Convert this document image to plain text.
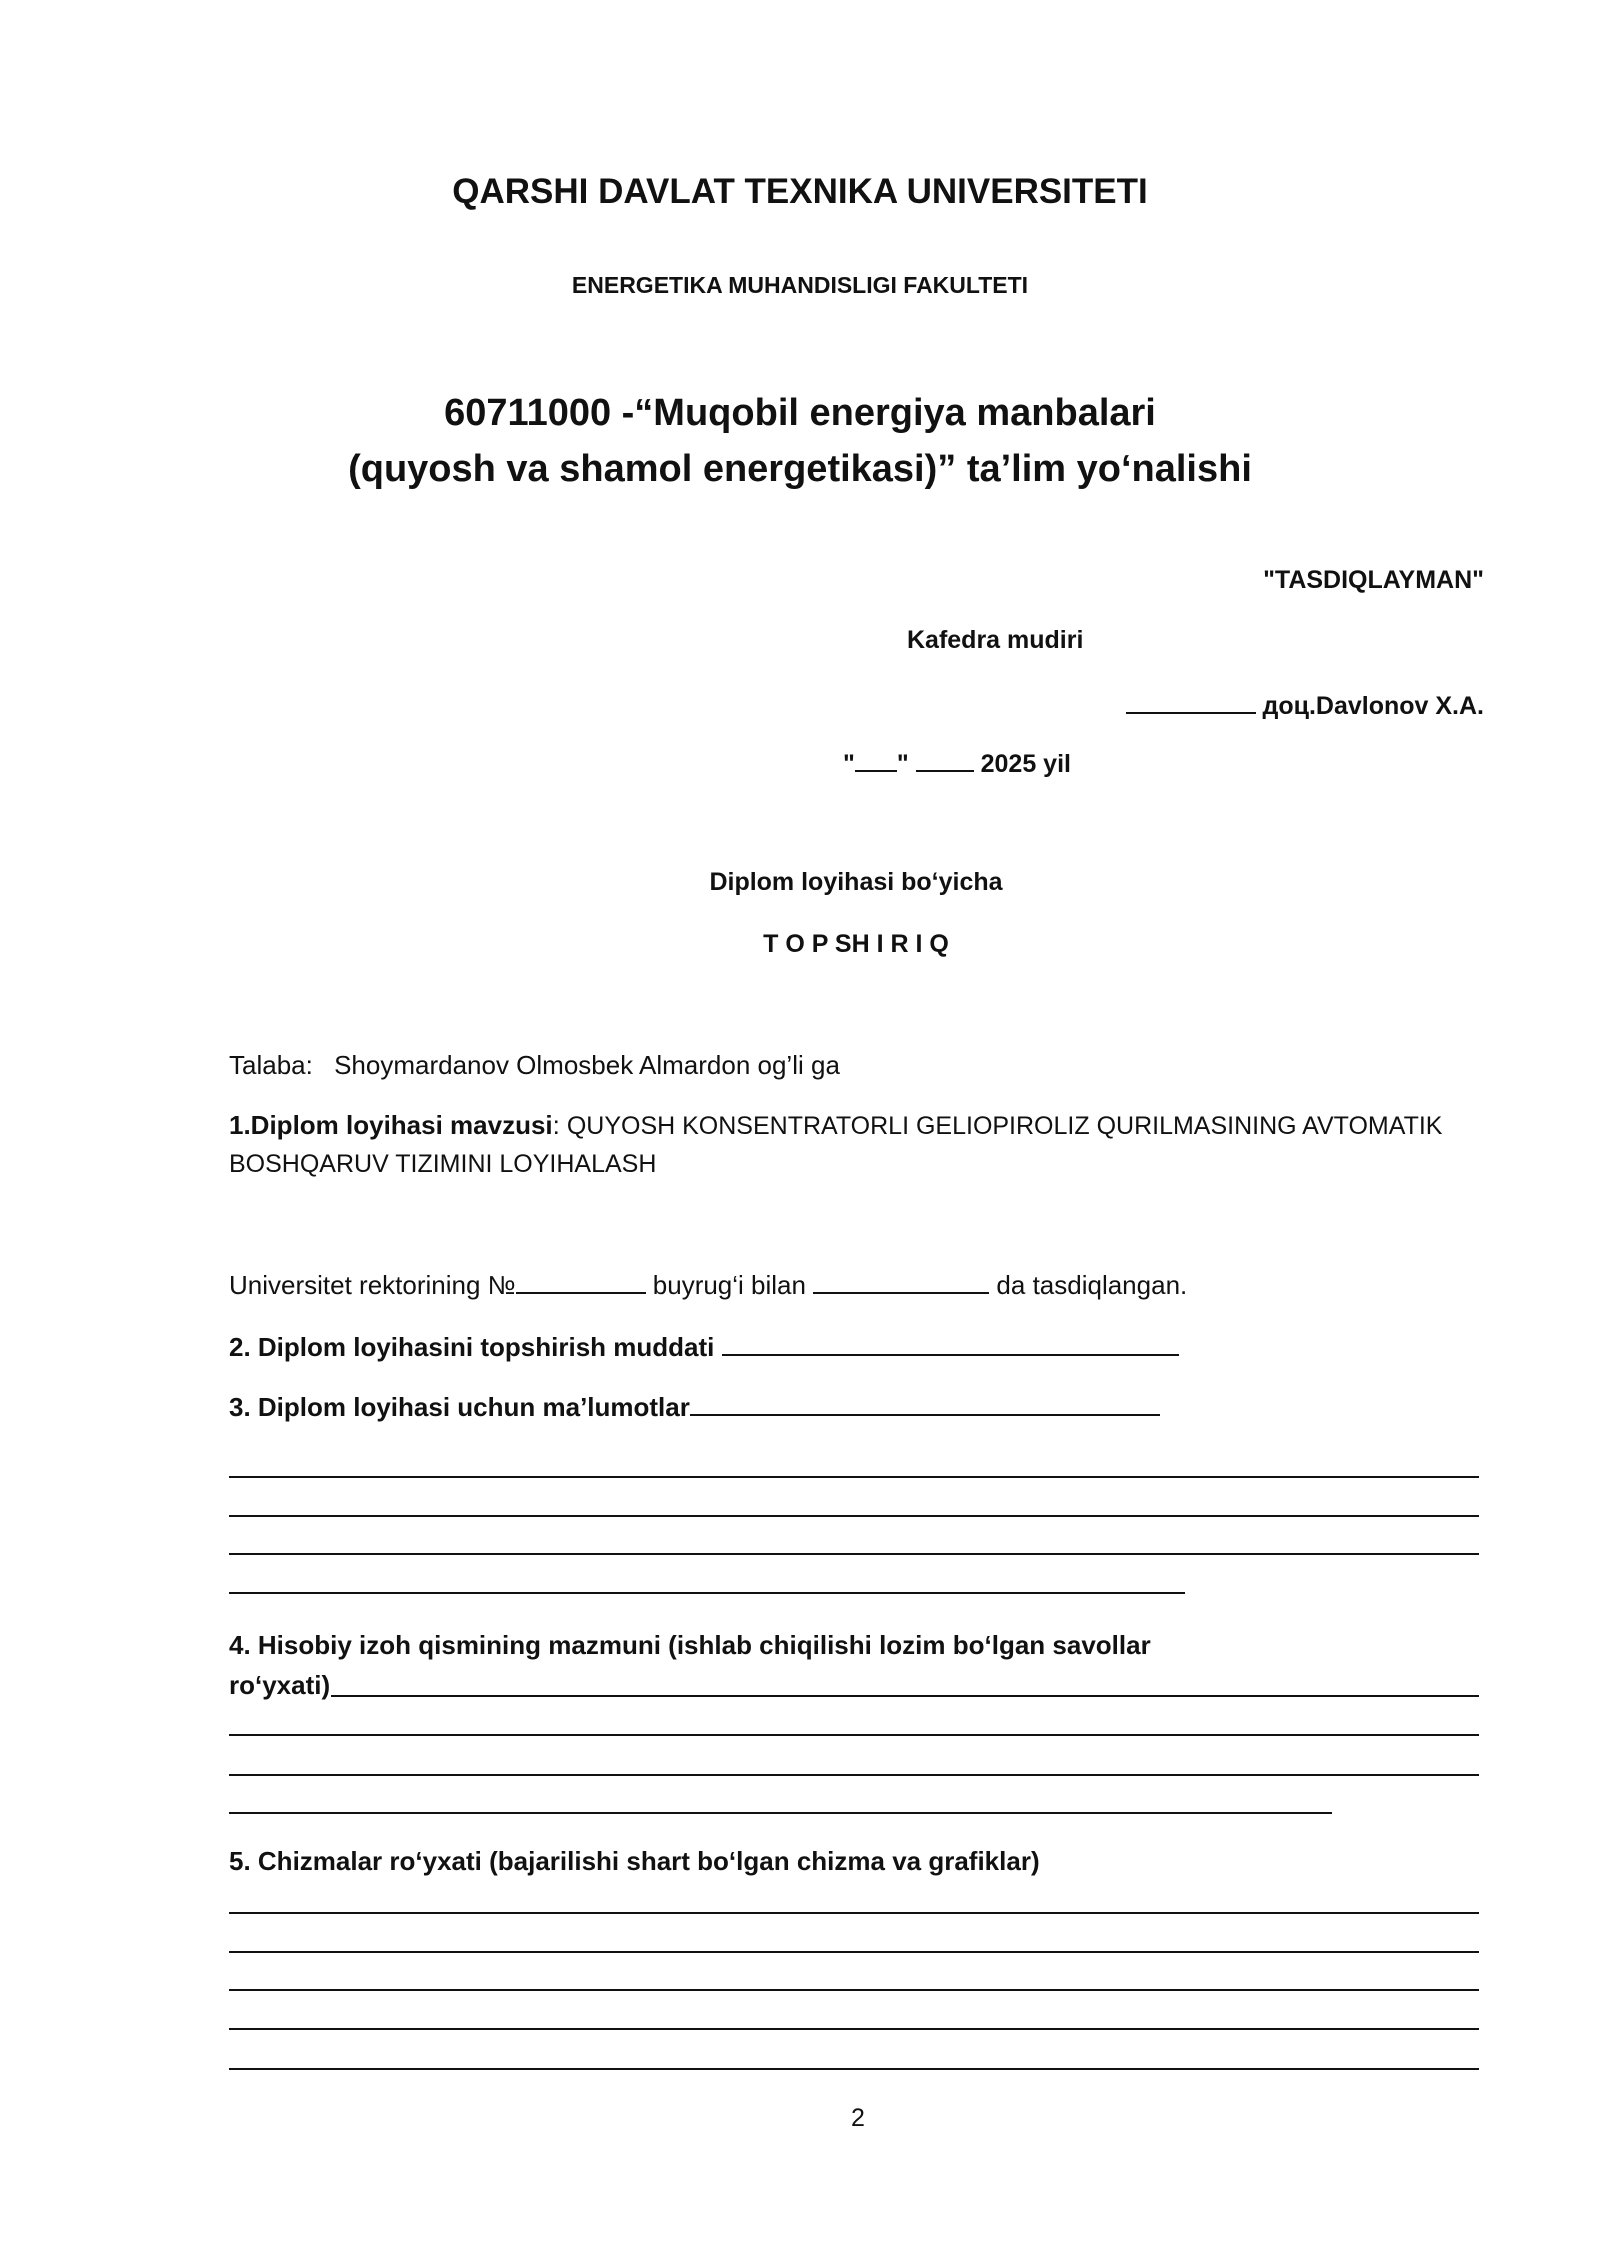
QARSHI DAVLAT TEXNIKA UNIVERSITETI
ENERGETIKA MUHANDISLIGI FAKULTETI
60711000 -“Muqobil energiya manbalari
(quyosh va shamol energetikasi)” ta’lim yo‘nalishi
"TASDIQLAYMAN"
Kafedra mudiri
доц.Davlonov X.A.
" "	2025 yil
Diplom loyihasi bo‘yicha
T O P SH I R I Q
Talaba: Shoymardanov Olmosbek Almardon og’li ga
1.Diplom loyihasi mavzusi: QUYOSH KONSENTRATORLI GELIOPIROLIZ QURILMASINING AVTOMATIK
BOSHQARUV TIZIMINI LOYIHALASH
Universitet rektorining №	buyrug‘i bilan	da tasdiqlangan.
2. Diplom loyihasini topshirish muddati
3. Diplom loyihasi uchun ma’lumotlar
4. Hisobiy izoh qismining mazmuni (ishlab chiqilishi lozim bo‘lgan savollar
ro‘yxati)
5. Chizmalar ro‘yxati (bajarilishi shart bo‘lgan chizma va grafiklar)
2
